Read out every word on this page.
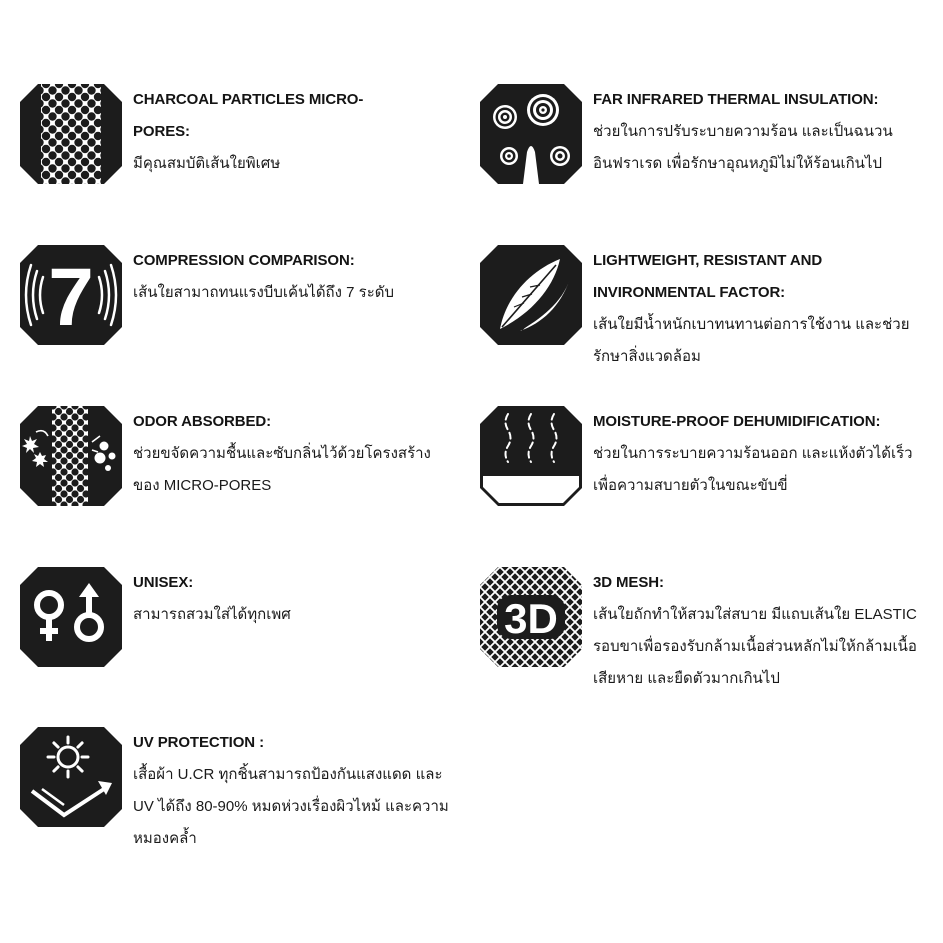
CHARCOAL PARTICLES MICRO-
PORES:
มีคุณสมบัติเส้นใยพิเศษ
FAR INFRARED THERMAL INSULATION:
ช่วยในการปรับระบายความร้อน และเป็นฉนวน
อินฟราเรด เพื่อรักษาอุณหภูมิไม่ให้ร้อนเกินไป
7	COMPRESSION COMPARISON:
เส้นใยสามาถทนแรงบีบเค้นได้ถึง 7 ระดับ
LIGHTWEIGHT, RESISTANT AND
INVIRONMENTAL FACTOR:
เส้นใยมีน้ำหนักเบาทนทานต่อการใช้งาน และช่วย
รักษาสิ่งแวดล้อม
ODOR ABSORBED:
ช่วยขจัดความชื้นและซับกลิ่นไว้ด้วยโครงสร้าง
ของ MICRO-PORES
MOISTURE-PROOF DEHUMIDIFICATION:
ช่วยในการระบายความร้อนออก และแห้งตัวได้เร็ว
เพื่อความสบายตัวในขณะขับขี่
UNISEX:
สามารถสวมใส่ได้ทุกเพศ	3D
3D MESH:
เส้นใยถักทำให้สวมใส่สบาย มีแถบเส้นใย ELASTIC
รอบขาเพื่อรองรับกล้ามเนื้อส่วนหลักไม่ให้กล้ามเนื้อ
เสียหาย และยืดตัวมากเกินไป
UV PROTECTION :
เสื้อผ้า U.CR ทุกชิ้นสามารถป้องกันแสงแดด และ
UV ได้ถึง 80-90% หมดห่วงเรื่องผิวไหม้ และความ
หมองคล้ำ
